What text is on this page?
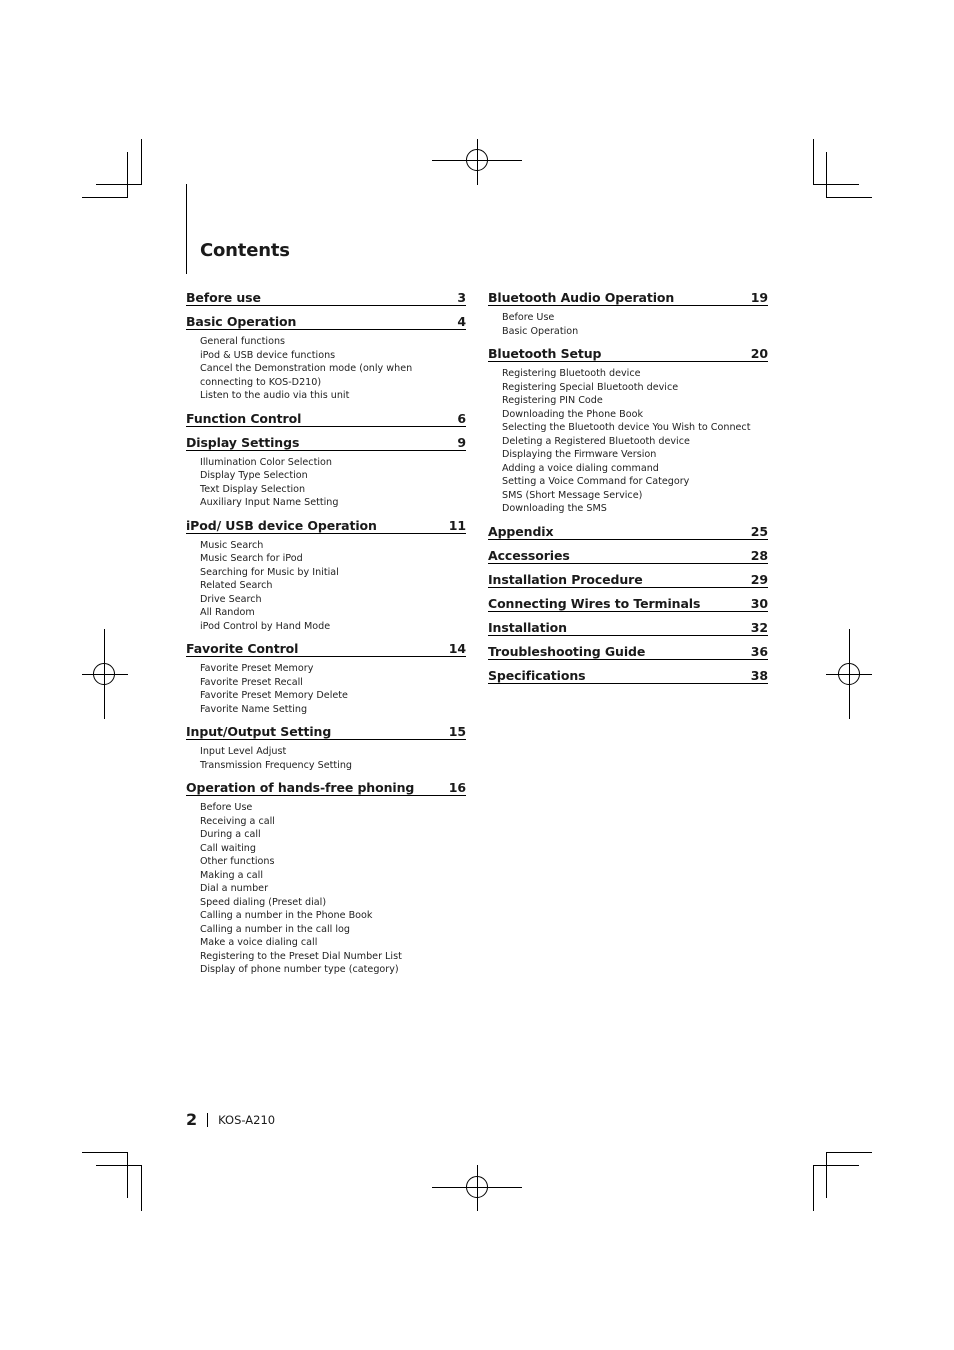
Contents
Before use	3
Basic Operation	4
General functions
iPod & USB device functions
Cancel the Demonstration mode (only when connecting to KOS-D210)
Listen to the audio via this unit
Function Control	6
Display Settings	9
Illumination Color Selection
Display Type Selection
Text Display Selection
Auxiliary Input Name Setting
iPod/ USB device Operation	11
Music Search
Music Search for iPod
Searching for Music by Initial
Related Search
Drive Search
All Random
iPod Control by Hand Mode
Favorite Control	14
Favorite Preset Memory
Favorite Preset Recall
Favorite Preset Memory Delete
Favorite Name Setting
Input/Output Setting	15
Input Level Adjust
Transmission Frequency Setting
Operation of hands-free phoning	16
Before Use
Receiving a call
During a call
Call waiting
Other functions
Making a call
Dial a number
Speed dialing (Preset dial)
Calling a number in the Phone Book
Calling a number in the call log
Make a voice dialing call
Registering to the Preset Dial Number List
Display of phone number type (category)
Bluetooth Audio Operation	19
Before Use
Basic Operation
Bluetooth Setup	20
Registering Bluetooth device
Registering Special Bluetooth device
Registering PIN Code
Downloading the Phone Book
Selecting the Bluetooth device You Wish to Connect
Deleting a Registered Bluetooth device
Displaying the Firmware Version
Adding a voice dialing command
Setting a Voice Command for Category
SMS (Short Message Service)
Downloading the SMS
Appendix	25
Accessories	28
Installation Procedure	29
Connecting Wires to Terminals	30
Installation	32
Troubleshooting Guide	36
Specifications	38
2 KOS-A210
